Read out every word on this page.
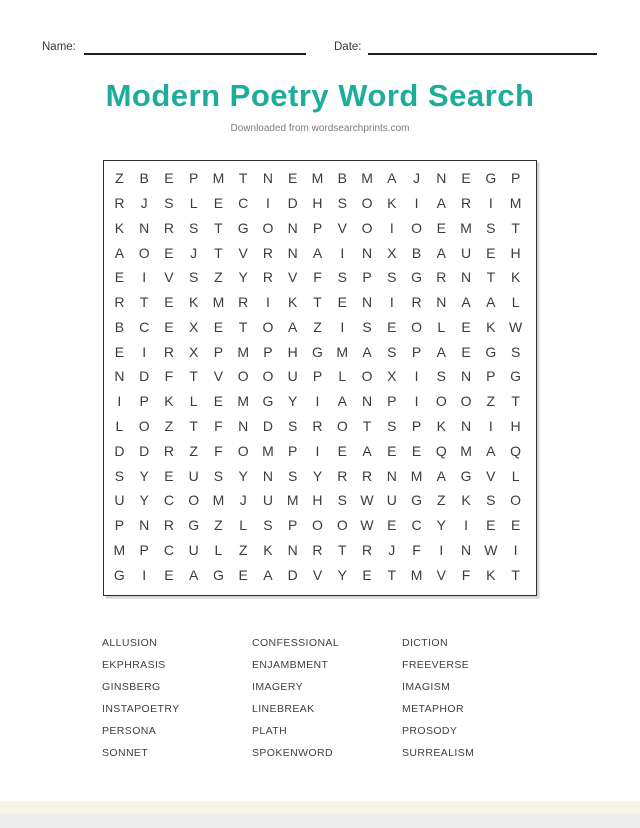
Name:	Date:
Modern Poetry Word Search
Downloaded from wordsearchprints.com
Z	B	E	P	M	T	N	E	M	B	M	A	J	N	E	G	P
R	J	S	L	E	C	I	D	H	S	O	K	I	A	R	I	M
K	N	R	S	T	G O	N	P	V	O	I	O	E	M	S	T
A	O	E	J	T	V	R	N	A	I	N	X	B	A	U	E	H
E	I	V	S	Z	Y	R	V	F	S	P	S	G	R	N	T	K
R	T	E	K	M R	I	K	T	E	N	I	R	N	A	A	L
B	C	E	X	E	T	O	A	Z	I	S	E	O	L	E	K W
E	I	R	X	P	M	P	H	G M	A	S	P	A	E	G	S
N	D	F	T	V	O O	U	P	L	O	X	I	S	N	P	G
I	P	K	L	E	M G	Y	I	A	N	P	I	O O	Z	T
L	O	Z	T	F	N	D	S	R	O	T	S	P	K	N	I	H
D	D	R	Z	F	O M	P	I	E	A	E	E	Q M	A	Q
S	Y	E	U	S	Y	N	S	Y	R	R	N M	A	G	V	L
U	Y	C	O M	J	U M H	S W U	G	Z	K	S	O
P	N	R	G	Z	L	S	P	O O W E	C	Y	I	E	E
M	P	C	U	L	Z	K	N	R	T	R	J	F	I	N W	I
G	I	E	A	G	E	A	D	V	Y	E	T	M	V	F	K	T
ALLUSION
EKPHRASIS
GINSBERG
INSTAPOETRY
PERSONA
SONNET
CONFESSIONAL
ENJAMBMENT
IMAGERY
LINEBREAK
PLATH
SPOKENWORD
DICTION
FREEVERSE
IMAGISM
METAPHOR
PROSODY
SURREALISM
